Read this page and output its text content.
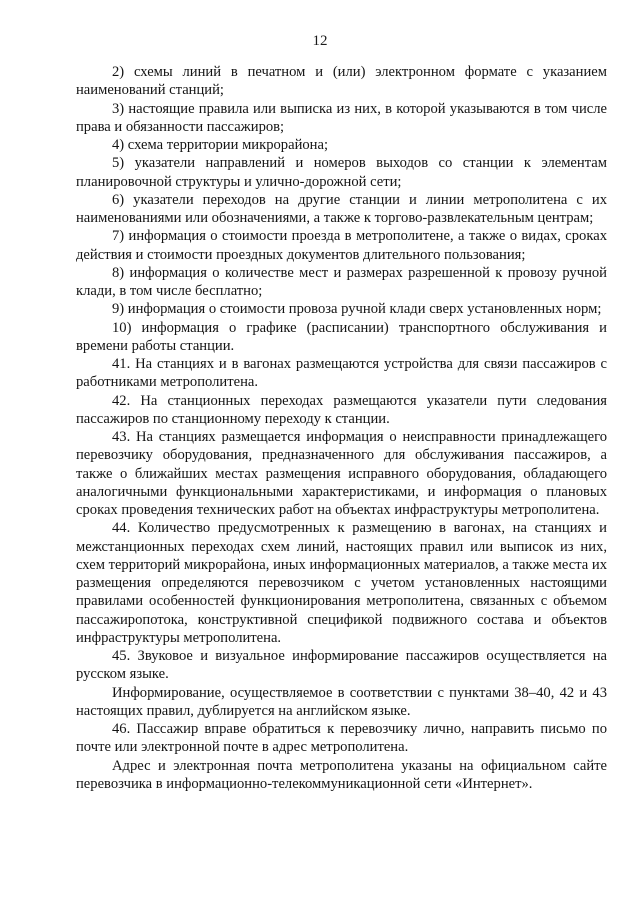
12

2) схемы линий в печатном и (или) электронном формате с указанием наименований станций;

3) настоящие правила или выписка из них, в которой указываются в том числе права и обязанности пассажиров;

4) схема территории микрорайона;

5) указатели направлений и номеров выходов со станции к элементам планировочной структуры и улично-дорожной сети;

6) указатели переходов на другие станции и линии метрополитена с их наименованиями или обозначениями, а также к торгово-развлекательным центрам;

7) информация о стоимости проезда в метрополитене, а также о видах, сроках действия и стоимости проездных документов длительного пользования;

8) информация о количестве мест и размерах разрешенной к провозу ручной клади, в том числе бесплатно;

9) информация о стоимости провоза ручной клади сверх установленных норм;

10) информация о графике (расписании) транспортного обслуживания и времени работы станции.

41. На станциях и в вагонах размещаются устройства для связи пассажиров с работниками метрополитена.

42. На станционных переходах размещаются указатели пути следования пассажиров по станционному переходу к станции.

43. На станциях размещается информация о неисправности принадлежащего перевозчику оборудования, предназначенного для обслуживания пассажиров, а также о ближайших местах размещения исправного оборудования, обладающего аналогичными функциональными характеристиками, и информация о плановых сроках проведения технических работ на объектах инфраструктуры метрополитена.

44. Количество предусмотренных к размещению в вагонах, на станциях и межстанционных переходах схем линий, настоящих правил или выписок из них, схем территорий микрорайона, иных информационных материалов, а также места их размещения определяются перевозчиком с учетом установленных настоящими правилами особенностей функционирования метрополитена, связанных с объемом пассажиропотока, конструктивной спецификой подвижного состава и объектов инфраструктуры метрополитена.

45. Звуковое и визуальное информирование пассажиров осуществляется на русском языке.

Информирование, осуществляемое в соответствии с пунктами 38–40, 42 и 43 настоящих правил, дублируется на английском языке.

46. Пассажир вправе обратиться к перевозчику лично, направить письмо по почте или электронной почте в адрес метрополитена.

Адрес и электронная почта метрополитена указаны на официальном сайте перевозчика в информационно-телекоммуникационной сети «Интернет».
